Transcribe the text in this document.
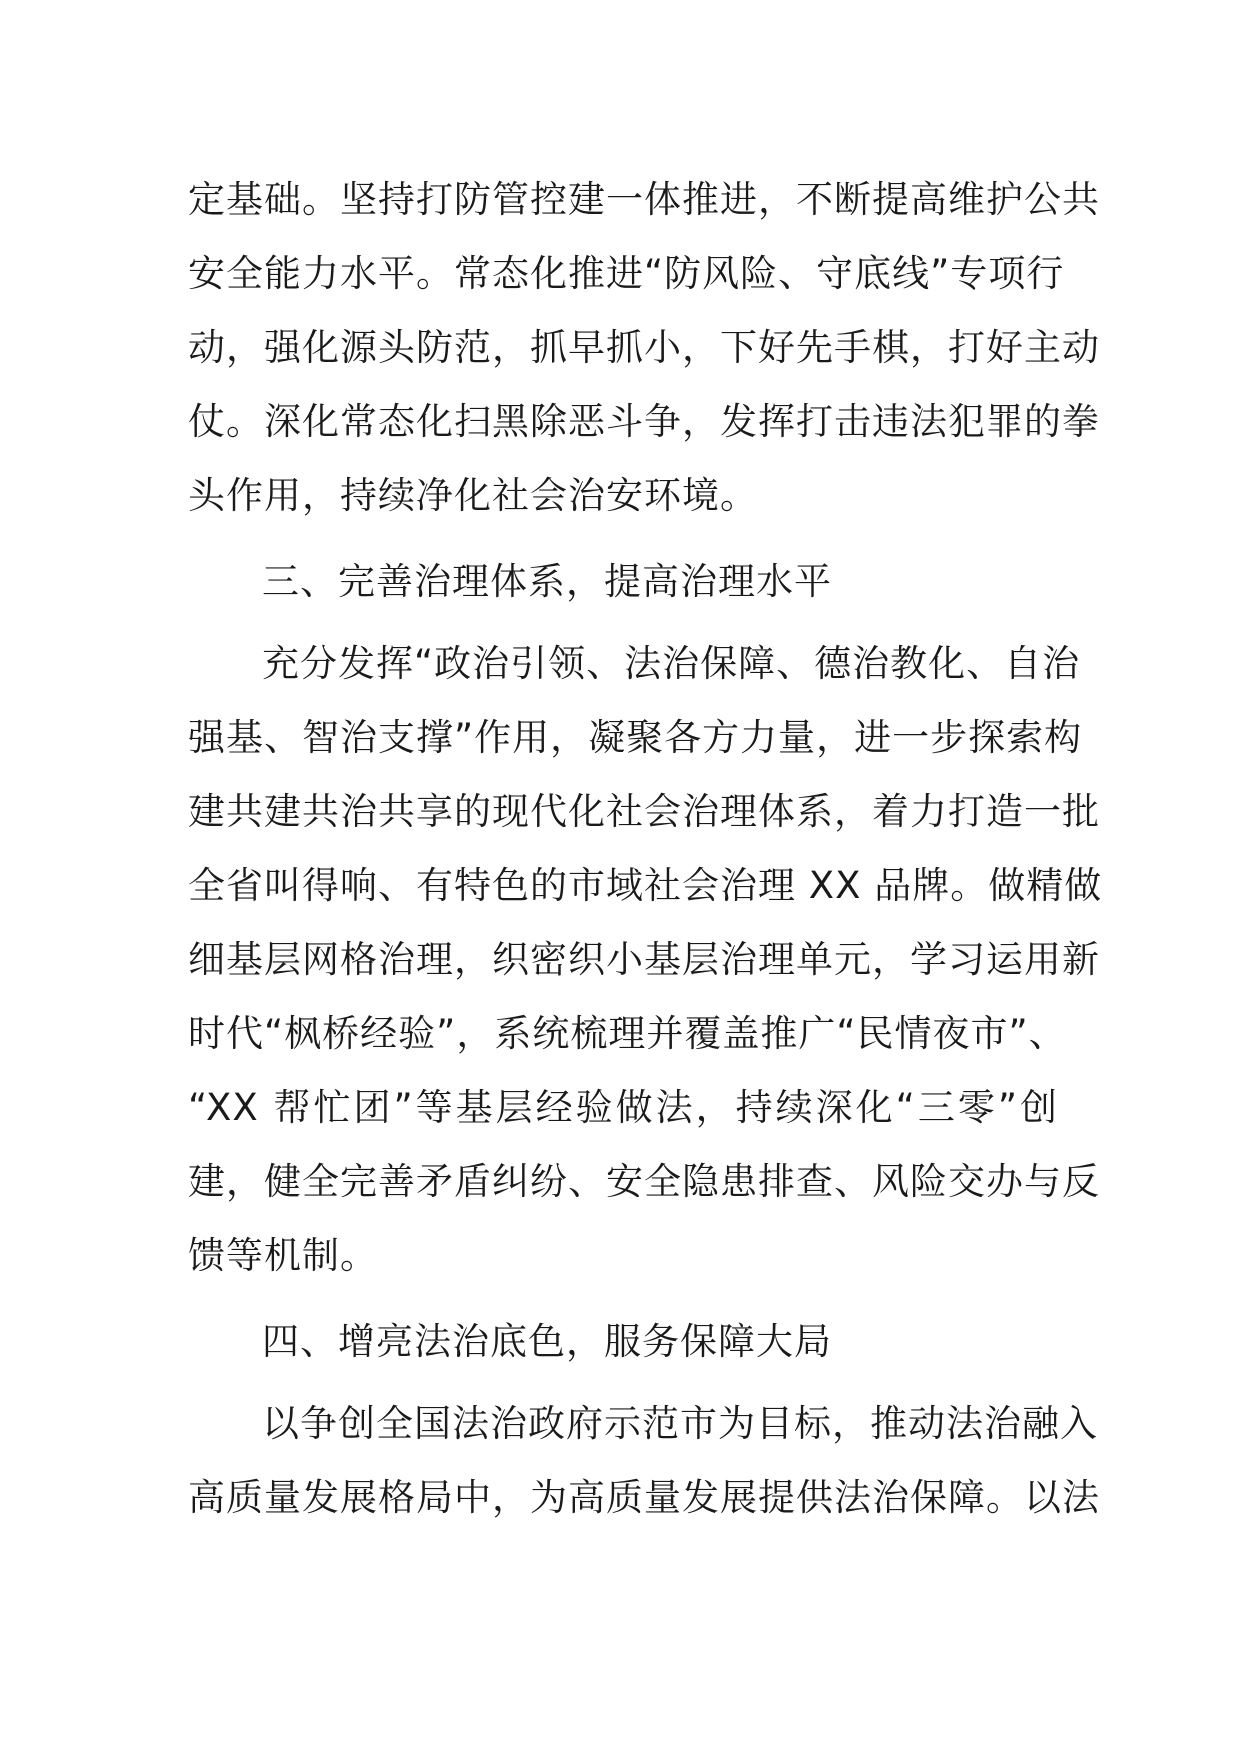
定基础。坚持打防管控建一体推进，不断提高维护公共
安全能力水平。常态化推进“防风险、守底线”专项行
动，强化源头防范，抓早抓小，下好先手棋，打好主动
仗。深化常态化扫黑除恶斗争，发挥打击违法犯罪的拳
头作用，持续净化社会治安环境。

三、完善治理体系，提高治理水平

充分发挥“政治引领、法治保障、德治教化、自治
强基、智治支撑”作用，凝聚各方力量，进一步探索构
建共建共治共享的现代化社会治理体系，着力打造一批
全省叫得响、有特色的市域社会治理 XX 品牌。做精做
细基层网格治理，织密织小基层治理单元，学习运用新
时代“枫桥经验”，系统梳理并覆盖推广“民情夜市”、
“XX 帮忙团”等基层经验做法，持续深化“三零”创
建，健全完善矛盾纠纷、安全隐患排查、风险交办与反
馈等机制。

四、增亮法治底色，服务保障大局

以争创全国法治政府示范市为目标，推动法治融入
高质量发展格局中，为高质量发展提供法治保障。以法
